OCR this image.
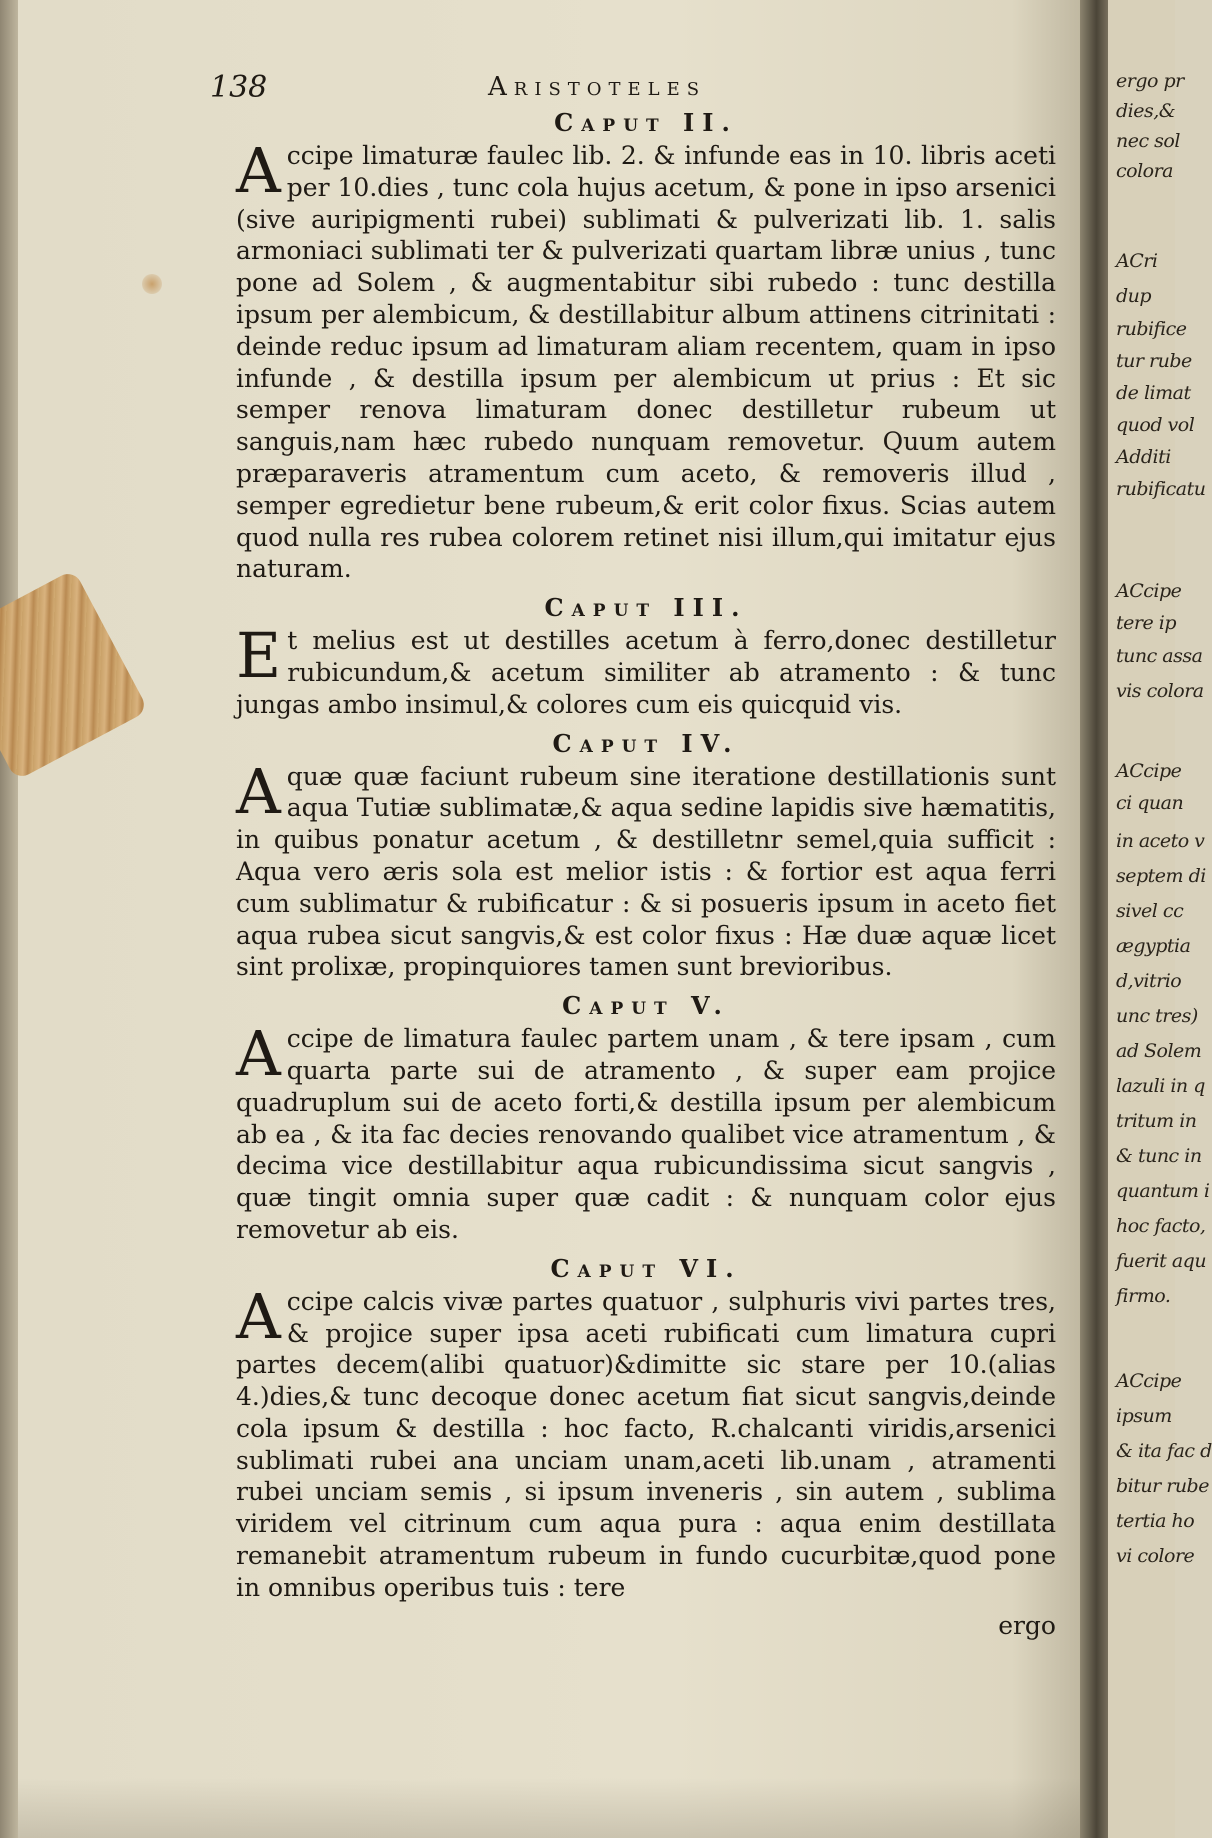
138	Aristoteles
Caput II.

Accipe limaturæ faulec lib. 2. & infunde eas in 10. libris aceti per 10.dies , tunc cola hujus acetum, & pone in ipso arsenici (sive auripigmenti rubei) sublimati & pulverizati lib. 1. salis armoniaci sublimati ter & pulverizati quartam libræ unius , tunc pone ad Solem , & augmentabitur sibi rubedo : tunc destilla ipsum per alembicum, & destillabitur album attinens citrinitati : deinde reduc ipsum ad limaturam aliam recentem, quam in ipso infunde , & destilla ipsum per alembicum ut prius : Et sic semper renova limaturam donec destilletur rubeum ut sanguis,nam hæc rubedo nunquam removetur. Quum autem præparaveris atramentum cum aceto, & removeris illud , semper egredietur bene rubeum,& erit color fixus. Scias autem quod nulla res rubea colorem retinet nisi illum,qui imitatur ejus naturam.

Caput III.

Et melius est ut destilles acetum à ferro,donec destilletur rubicundum,& acetum similiter ab atramento : & tunc jungas ambo insimul,& colores cum eis quicquid vis.

Caput IV.

Aquæ quæ faciunt rubeum sine iteratione destillationis sunt aqua Tutiæ sublimatæ,& aqua sedine lapidis sive hæmatitis, in quibus ponatur acetum , & destilletnr semel,quia sufficit : Aqua vero æris sola est melior istis : & fortior est aqua ferri cum sublimatur & rubificatur : & si posueris ipsum in aceto fiet aqua rubea sicut sangvis,& est color fixus : Hæ duæ aquæ licet sint prolixæ, propinquiores tamen sunt brevioribus.

Caput V.

Accipe de limatura faulec partem unam , & tere ipsam , cum quarta parte sui de atramento , & super eam projice quadruplum sui de aceto forti,& destilla ipsum per alembicum ab ea , & ita fac decies renovando qualibet vice atramentum , & decima vice destillabitur aqua rubicundissima sicut sangvis , quæ tingit omnia super quæ cadit : & nunquam color ejus removetur ab eis.

Caput VI.

Accipe calcis vivæ partes quatuor , sulphuris vivi partes tres, & projice super ipsa aceti rubificati cum limatura cupri partes decem(alibi quatuor)&dimitte sic stare per 10.(alias 4.)dies,& tunc decoque donec acetum fiat sicut sangvis,deinde cola ipsum & destilla : hoc facto, R.chalcanti viridis,arsenici sublimati rubei ana unciam unam,aceti lib.unam , atramenti rubei unciam semis , si ipsum inveneris , sin autem , sublima viridem vel citrinum cum aqua pura : aqua enim destillata remanebit atramentum rubeum in fundo cucurbitæ,quod pone in omnibus operibus tuis : tere

ergo
ergo pr
dies,&
nec sol
colora
ACri
dup
rubifice
tur rube
de limat
quod vol
Additi
rubificatu
ACcipe
tere ip
tunc assa
vis colora
ACcipe
ci quan
in aceto v
septem di
sivel cc
ægyptia
d,vitrio
unc tres)
ad Solem
lazuli in q
tritum in
& tunc in
quantum i
hoc facto,
fuerit aqu
firmo.
ACcipe
ipsum
& ita fac d
bitur rube
tertia ho
vi colore
